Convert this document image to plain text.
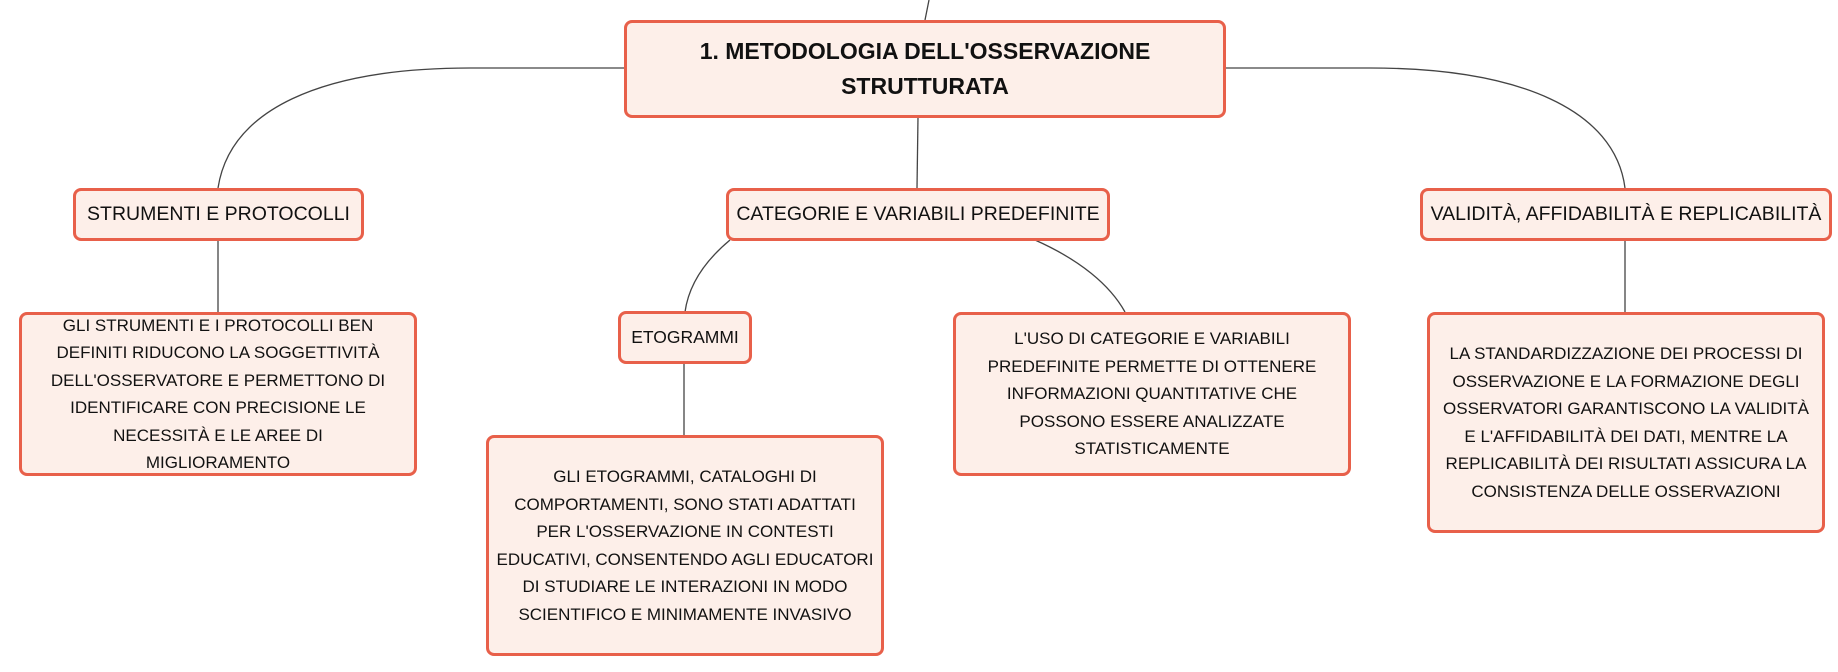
1. METODOLOGIA DELL'OSSERVAZIONE STRUTTURATA
STRUMENTI E PROTOCOLLI	CATEGORIE E VARIABILI PREDEFINITE	VALIDITÀ, AFFIDABILITÀ E REPLICABILITÀ
GLI STRUMENTI E I PROTOCOLLI BEN DEFINITI RIDUCONO LA SOGGETTIVITÀ DELL'OSSERVATORE E PERMETTONO DI IDENTIFICARE CON PRECISIONE LE NECESSITÀ E LE AREE DI MIGLIORAMENTO
ETOGRAMMI
GLI ETOGRAMMI, CATALOGHI DI COMPORTAMENTI, SONO STATI ADATTATI PER L'OSSERVAZIONE IN CONTESTI EDUCATIVI, CONSENTENDO AGLI EDUCATORI DI STUDIARE LE INTERAZIONI IN MODO SCIENTIFICO E MINIMAMENTE INVASIVO
L'USO DI CATEGORIE E VARIABILI PREDEFINITE PERMETTE DI OTTENERE INFORMAZIONI QUANTITATIVE CHE POSSONO ESSERE ANALIZZATE STATISTICAMENTE
LA STANDARDIZZAZIONE DEI PROCESSI DI OSSERVAZIONE E LA FORMAZIONE DEGLI OSSERVATORI GARANTISCONO LA VALIDITÀ E L'AFFIDABILITÀ DEI DATI, MENTRE LA REPLICABILITÀ DEI RISULTATI ASSICURA LA CONSISTENZA DELLE OSSERVAZIONI
